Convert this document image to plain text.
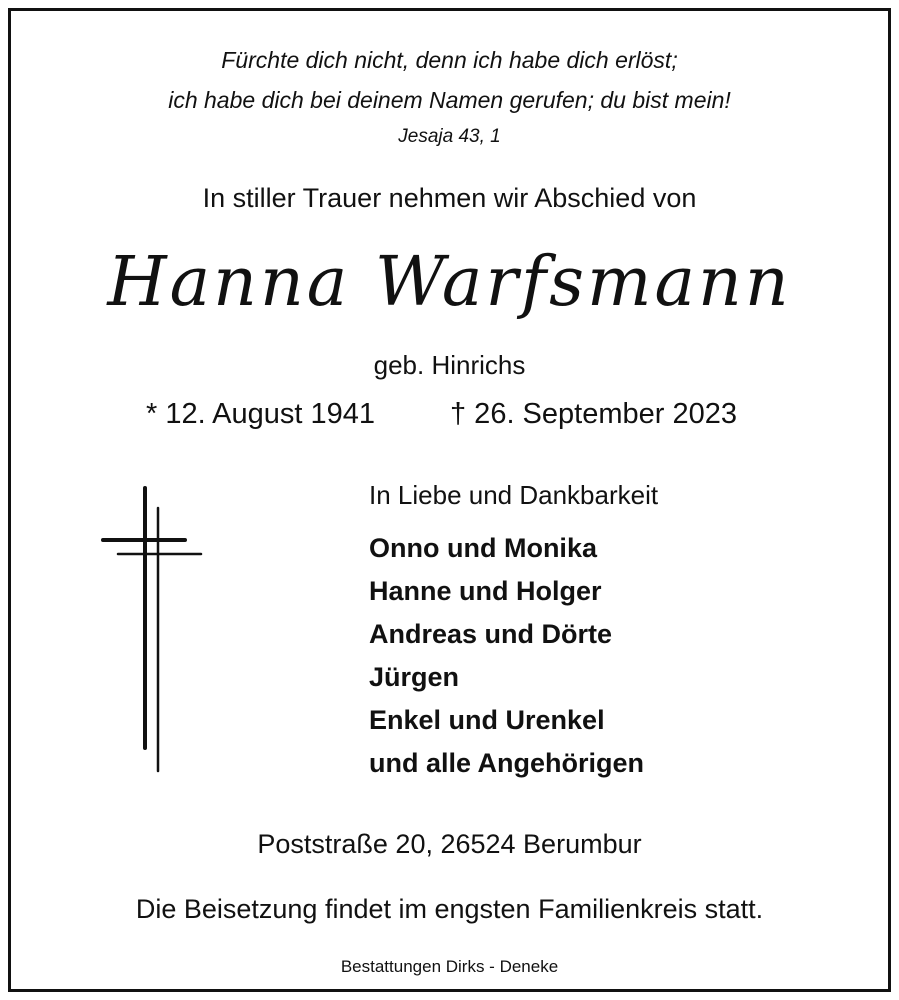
Fürchte dich nicht, denn ich habe dich erlöst;
ich habe dich bei deinem Namen gerufen; du bist mein!
Jesaja 43, 1
In stiller Trauer nehmen wir Abschied von
Hanna Warfsmann
geb. Hinrichs
* 12. August 1941	† 26. September 2023
In Liebe und Dankbarkeit
Onno und Monika
Hanne und Holger
Andreas und Dörte
Jürgen
Enkel und Urenkel
und alle Angehörigen
Poststraße 20, 26524 Berumbur
Die Beisetzung findet im engsten Familienkreis statt.
Bestattungen Dirks - Deneke
